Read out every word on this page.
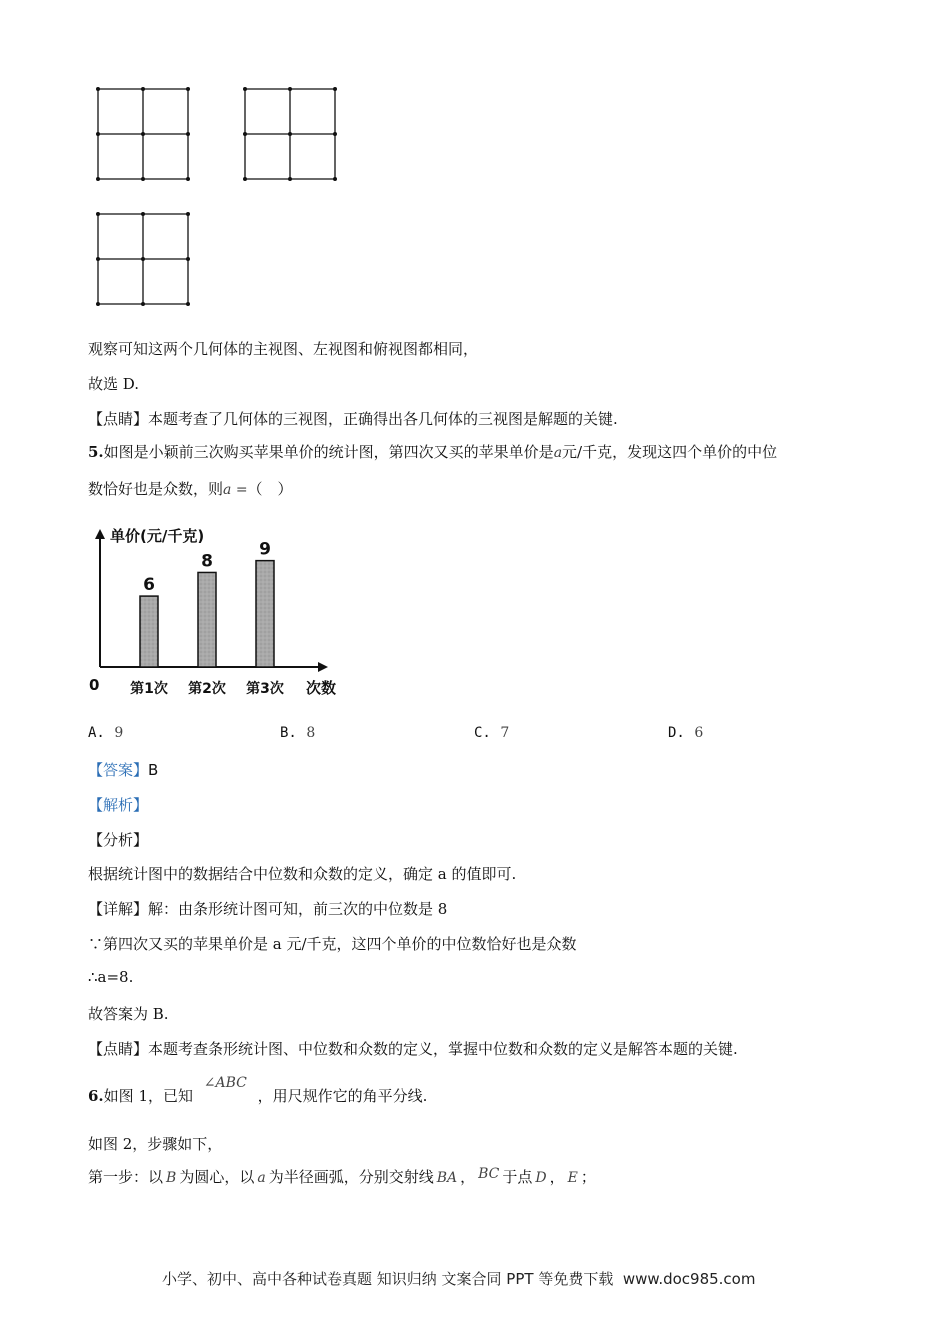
观察可知这两个几何体的主视图、左视图和俯视图都相同，
故选 D.
【点睛】本题考查了几何体的三视图，正确得出各几何体的三视图是解题的关键.
5.如图是小颖前三次购买苹果单价的统计图，第四次又买的苹果单价是a元/千克，发现这四个单价的中位
数恰好也是众数，则a =（　）
单价(元/千克)
0	次数
6
第1次
8
第2次
9
第3次
A. 9	B. 8	C. 7	D. 6
【答案】B
【解析】
【分析】
根据统计图中的数据结合中位数和众数的定义，确定 a 的值即可.
【详解】解：由条形统计图可知，前三次的中位数是 8
∵第四次又买的苹果单价是 a 元/千克，这四个单价的中位数恰好也是众数
∴a=8.
故答案为 B.
【点睛】本题考查条形统计图、中位数和众数的定义，掌握中位数和众数的定义是解答本题的关键.
6.如图 1，已知 ∠ABC ，用尺规作它的角平分线.
如图 2，步骤如下，
第一步：以 B 为圆心，以 a 为半径画弧，分别交射线 BA ， BC 于点 D ， E ；
小学、初中、高中各种试卷真题 知识归纳 文案合同 PPT 等免费下载 www.doc985.com
